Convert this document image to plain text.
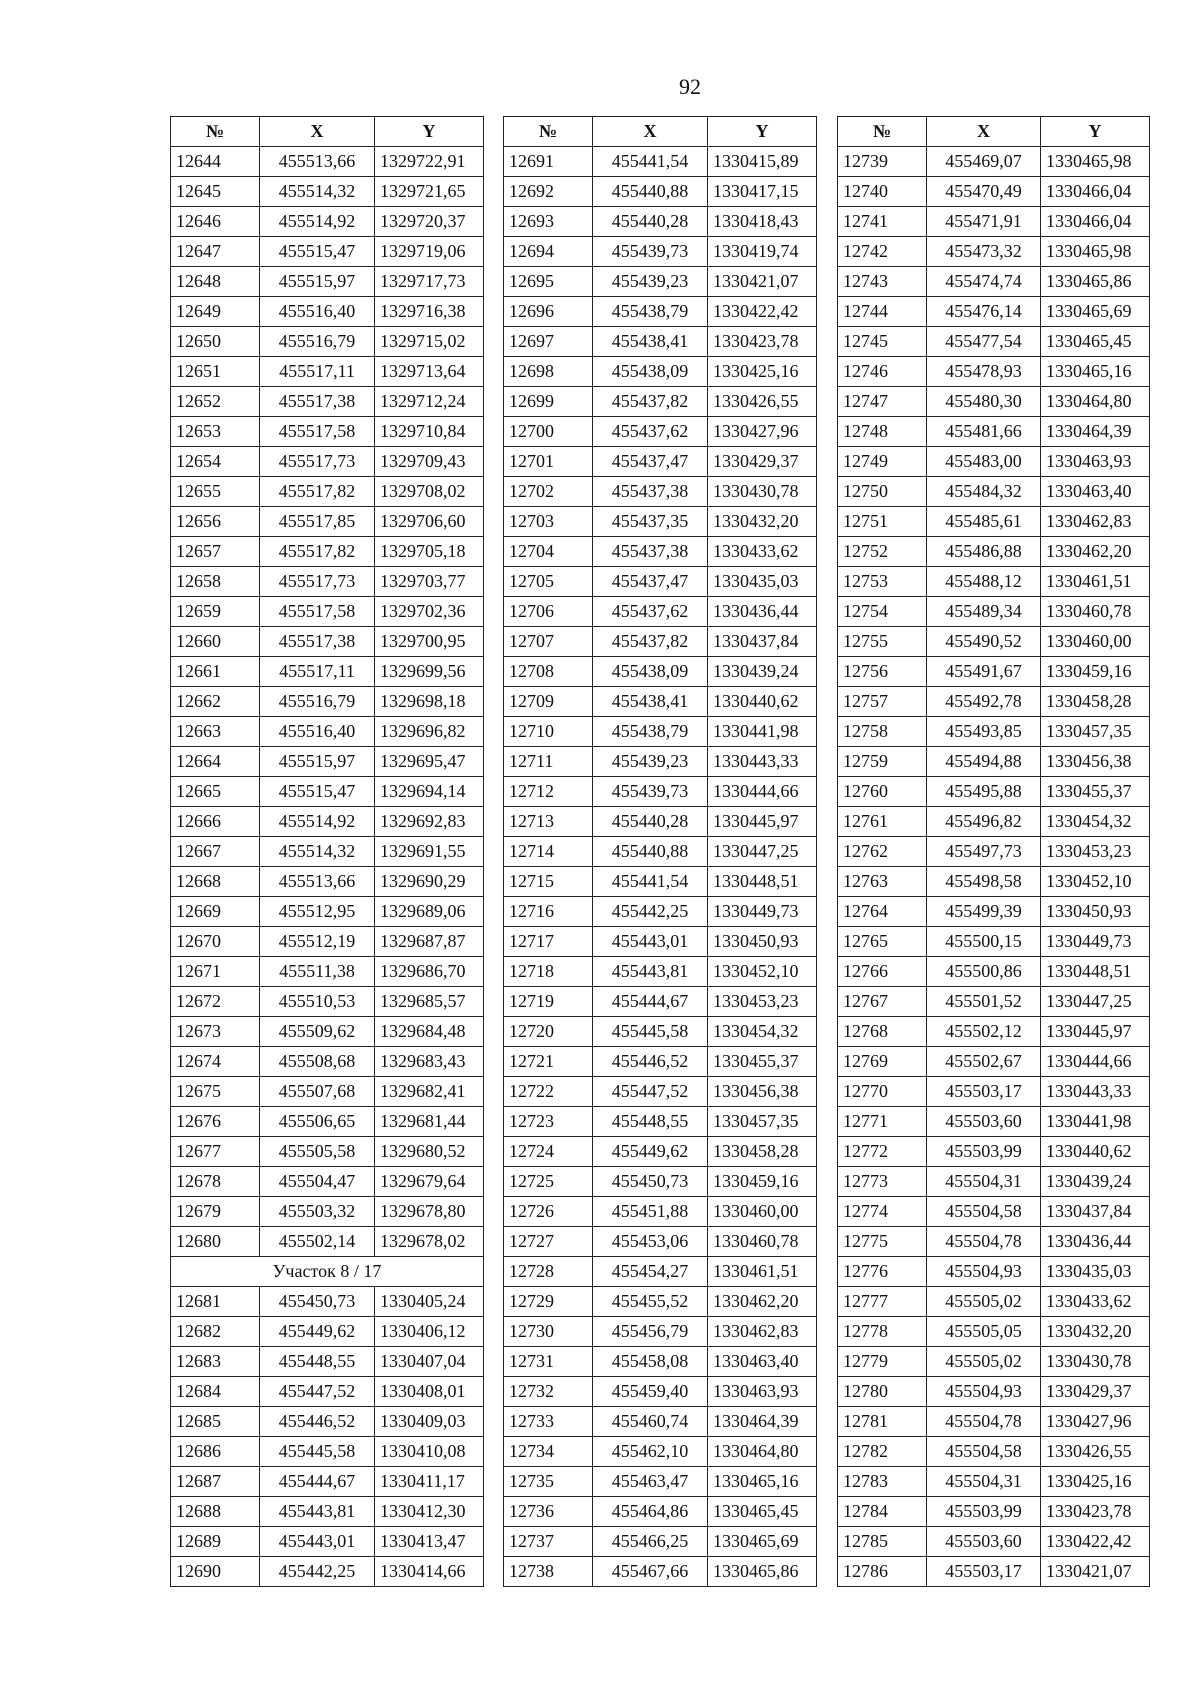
92
№	X	Y
12644	455513,66	1329722,91
12645	455514,32	1329721,65
12646	455514,92	1329720,37
12647	455515,47	1329719,06
12648	455515,97	1329717,73
12649	455516,40	1329716,38
12650	455516,79	1329715,02
12651	455517,11	1329713,64
12652	455517,38	1329712,24
12653	455517,58	1329710,84
12654	455517,73	1329709,43
12655	455517,82	1329708,02
12656	455517,85	1329706,60
12657	455517,82	1329705,18
12658	455517,73	1329703,77
12659	455517,58	1329702,36
12660	455517,38	1329700,95
12661	455517,11	1329699,56
12662	455516,79	1329698,18
12663	455516,40	1329696,82
12664	455515,97	1329695,47
12665	455515,47	1329694,14
12666	455514,92	1329692,83
12667	455514,32	1329691,55
12668	455513,66	1329690,29
12669	455512,95	1329689,06
12670	455512,19	1329687,87
12671	455511,38	1329686,70
12672	455510,53	1329685,57
12673	455509,62	1329684,48
12674	455508,68	1329683,43
12675	455507,68	1329682,41
12676	455506,65	1329681,44
12677	455505,58	1329680,52
12678	455504,47	1329679,64
12679	455503,32	1329678,80
12680	455502,14	1329678,02
Участок 8 / 17		
12681	455450,73	1330405,24
12682	455449,62	1330406,12
12683	455448,55	1330407,04
12684	455447,52	1330408,01
12685	455446,52	1330409,03
12686	455445,58	1330410,08
12687	455444,67	1330411,17
12688	455443,81	1330412,30
12689	455443,01	1330413,47
12690	455442,25	1330414,66
№	X	Y
12691	455441,54	1330415,89
12692	455440,88	1330417,15
12693	455440,28	1330418,43
12694	455439,73	1330419,74
12695	455439,23	1330421,07
12696	455438,79	1330422,42
12697	455438,41	1330423,78
12698	455438,09	1330425,16
12699	455437,82	1330426,55
12700	455437,62	1330427,96
12701	455437,47	1330429,37
12702	455437,38	1330430,78
12703	455437,35	1330432,20
12704	455437,38	1330433,62
12705	455437,47	1330435,03
12706	455437,62	1330436,44
12707	455437,82	1330437,84
12708	455438,09	1330439,24
12709	455438,41	1330440,62
12710	455438,79	1330441,98
12711	455439,23	1330443,33
12712	455439,73	1330444,66
12713	455440,28	1330445,97
12714	455440,88	1330447,25
12715	455441,54	1330448,51
12716	455442,25	1330449,73
12717	455443,01	1330450,93
12718	455443,81	1330452,10
12719	455444,67	1330453,23
12720	455445,58	1330454,32
12721	455446,52	1330455,37
12722	455447,52	1330456,38
12723	455448,55	1330457,35
12724	455449,62	1330458,28
12725	455450,73	1330459,16
12726	455451,88	1330460,00
12727	455453,06	1330460,78
12728	455454,27	1330461,51
12729	455455,52	1330462,20
12730	455456,79	1330462,83
12731	455458,08	1330463,40
12732	455459,40	1330463,93
12733	455460,74	1330464,39
12734	455462,10	1330464,80
12735	455463,47	1330465,16
12736	455464,86	1330465,45
12737	455466,25	1330465,69
12738	455467,66	1330465,86
№	X	Y
12739	455469,07	1330465,98
12740	455470,49	1330466,04
12741	455471,91	1330466,04
12742	455473,32	1330465,98
12743	455474,74	1330465,86
12744	455476,14	1330465,69
12745	455477,54	1330465,45
12746	455478,93	1330465,16
12747	455480,30	1330464,80
12748	455481,66	1330464,39
12749	455483,00	1330463,93
12750	455484,32	1330463,40
12751	455485,61	1330462,83
12752	455486,88	1330462,20
12753	455488,12	1330461,51
12754	455489,34	1330460,78
12755	455490,52	1330460,00
12756	455491,67	1330459,16
12757	455492,78	1330458,28
12758	455493,85	1330457,35
12759	455494,88	1330456,38
12760	455495,88	1330455,37
12761	455496,82	1330454,32
12762	455497,73	1330453,23
12763	455498,58	1330452,10
12764	455499,39	1330450,93
12765	455500,15	1330449,73
12766	455500,86	1330448,51
12767	455501,52	1330447,25
12768	455502,12	1330445,97
12769	455502,67	1330444,66
12770	455503,17	1330443,33
12771	455503,60	1330441,98
12772	455503,99	1330440,62
12773	455504,31	1330439,24
12774	455504,58	1330437,84
12775	455504,78	1330436,44
12776	455504,93	1330435,03
12777	455505,02	1330433,62
12778	455505,05	1330432,20
12779	455505,02	1330430,78
12780	455504,93	1330429,37
12781	455504,78	1330427,96
12782	455504,58	1330426,55
12783	455504,31	1330425,16
12784	455503,99	1330423,78
12785	455503,60	1330422,42
12786	455503,17	1330421,07
